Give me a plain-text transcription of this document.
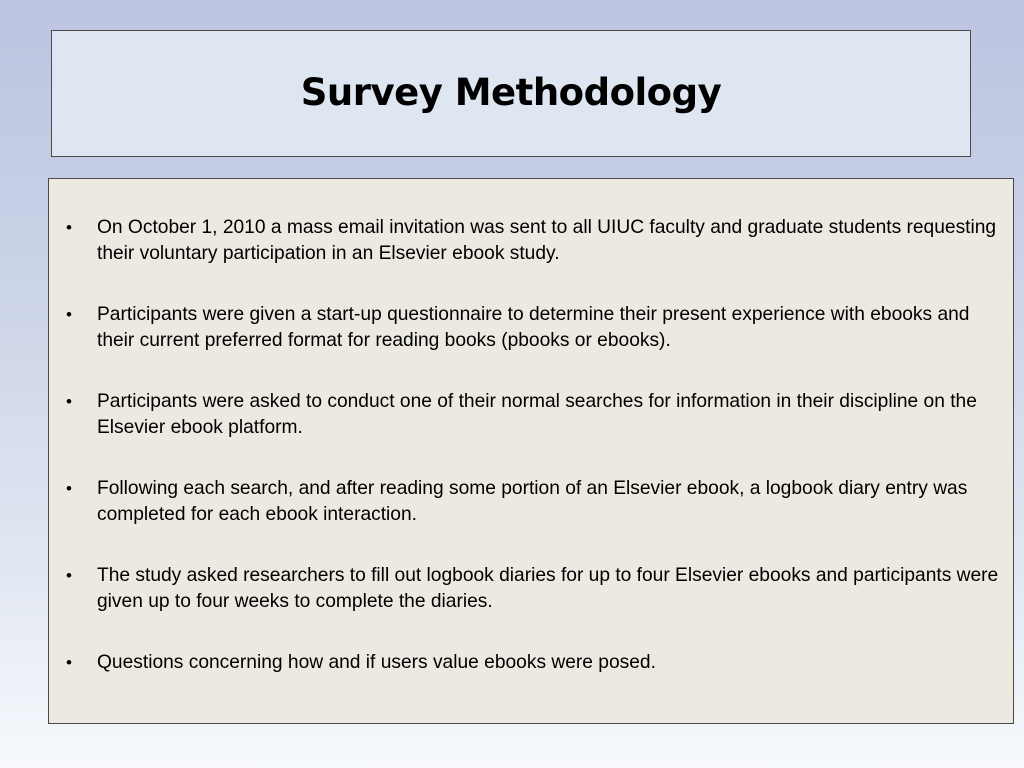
Survey Methodology
•	On October 1, 2010 a mass email invitation was sent to all UIUC faculty and graduate students requesting their voluntary participation in an Elsevier ebook study.
•	Participants were given a start-up questionnaire to determine their present experience with ebooks and their current preferred format for reading books (pbooks or ebooks).
•	Participants were asked to conduct one of their normal searches for information in their discipline on the Elsevier ebook platform.
•	Following each search, and after reading some portion of an Elsevier ebook, a logbook diary entry was completed for each ebook interaction.
•	The study asked researchers to fill out logbook diaries for up to four Elsevier ebooks and participants were given up to four weeks to complete the diaries.
•	Questions concerning how and if users value ebooks were posed.
